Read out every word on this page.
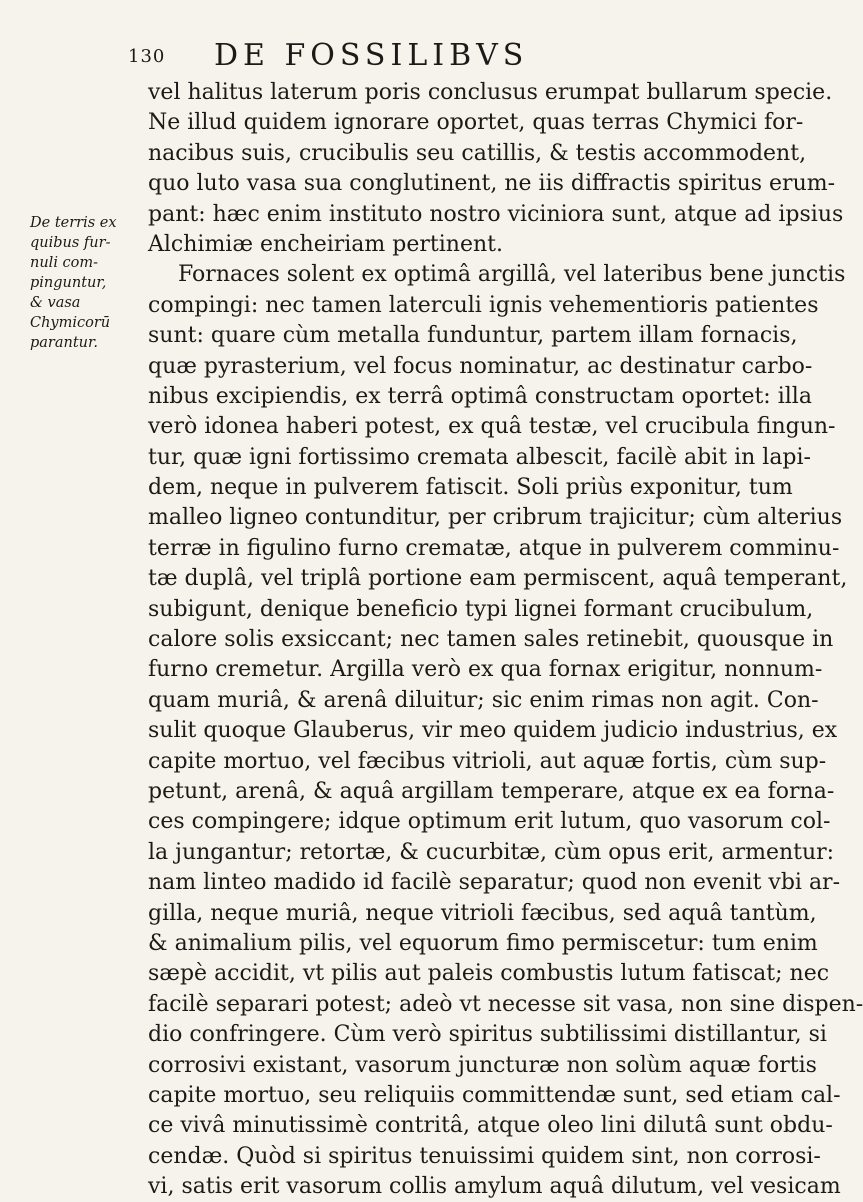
130 DE FOSSILIBVS
De terris ex
quibus fur-
nuli com-
pinguntur,
& vasa
Chymicorū
parantur.
vel halitus laterum poris conclusus erumpat bullarum specie.
Ne illud quidem ignorare oportet, quas terras Chymici for-
nacibus suis, crucibulis seu catillis, & testis accommodent,
quo luto vasa sua conglutinent, ne iis diffractis spiritus erum-
pant: hæc enim instituto nostro viciniora sunt, atque ad ipsius
Alchimiæ encheiriam pertinent.
Fornaces solent ex optimâ argillâ, vel lateribus bene junctis
compingi: nec tamen laterculi ignis vehementioris patientes
sunt: quare cùm metalla funduntur, partem illam fornacis,
quæ pyrasterium, vel focus nominatur, ac destinatur carbo-
nibus excipiendis, ex terrâ optimâ constructam oportet: illa
verò idonea haberi potest, ex quâ testæ, vel crucibula fingun-
tur, quæ igni fortissimo cremata albescit, facilè abit in lapi-
dem, neque in pulverem fatiscit. Soli priùs exponitur, tum
malleo ligneo contunditur, per cribrum trajicitur; cùm alterius
terræ in figulino furno crematæ, atque in pulverem comminu-
tæ duplâ, vel triplâ portione eam permiscent, aquâ temperant,
subigunt, denique beneficio typi lignei formant crucibulum,
calore solis exsiccant; nec tamen sales retinebit, quousque in
furno cremetur. Argilla verò ex qua fornax erigitur, nonnum-
quam muriâ, & arenâ diluitur; sic enim rimas non agit. Con-
sulit quoque Glauberus, vir meo quidem judicio industrius, ex
capite mortuo, vel fæcibus vitrioli, aut aquæ fortis, cùm sup-
petunt, arenâ, & aquâ argillam temperare, atque ex ea forna-
ces compingere; idque optimum erit lutum, quo vasorum col-
la jungantur; retortæ, & cucurbitæ, cùm opus erit, armentur:
nam linteo madido id facilè separatur; quod non evenit vbi ar-
gilla, neque muriâ, neque vitrioli fæcibus, sed aquâ tantùm,
& animalium pilis, vel equorum fimo permiscetur: tum enim
sæpè accidit, vt pilis aut paleis combustis lutum fatiscat; nec
facilè separari potest; adeò vt necesse sit vasa, non sine dispen-
dio confringere. Cùm verò spiritus subtilissimi distillantur, si
corrosivi existant, vasorum juncturæ non solùm aquæ fortis
capite mortuo, seu reliquiis committendæ sunt, sed etiam cal-
ce vivâ minutissimè contritâ, atque oleo lini dilutâ sunt obdu-
cendæ. Quòd si spiritus tenuissimi quidem sint, non corrosi-
vi, satis erit vasorum collis amylum aquâ dilutum, vel vesicam
